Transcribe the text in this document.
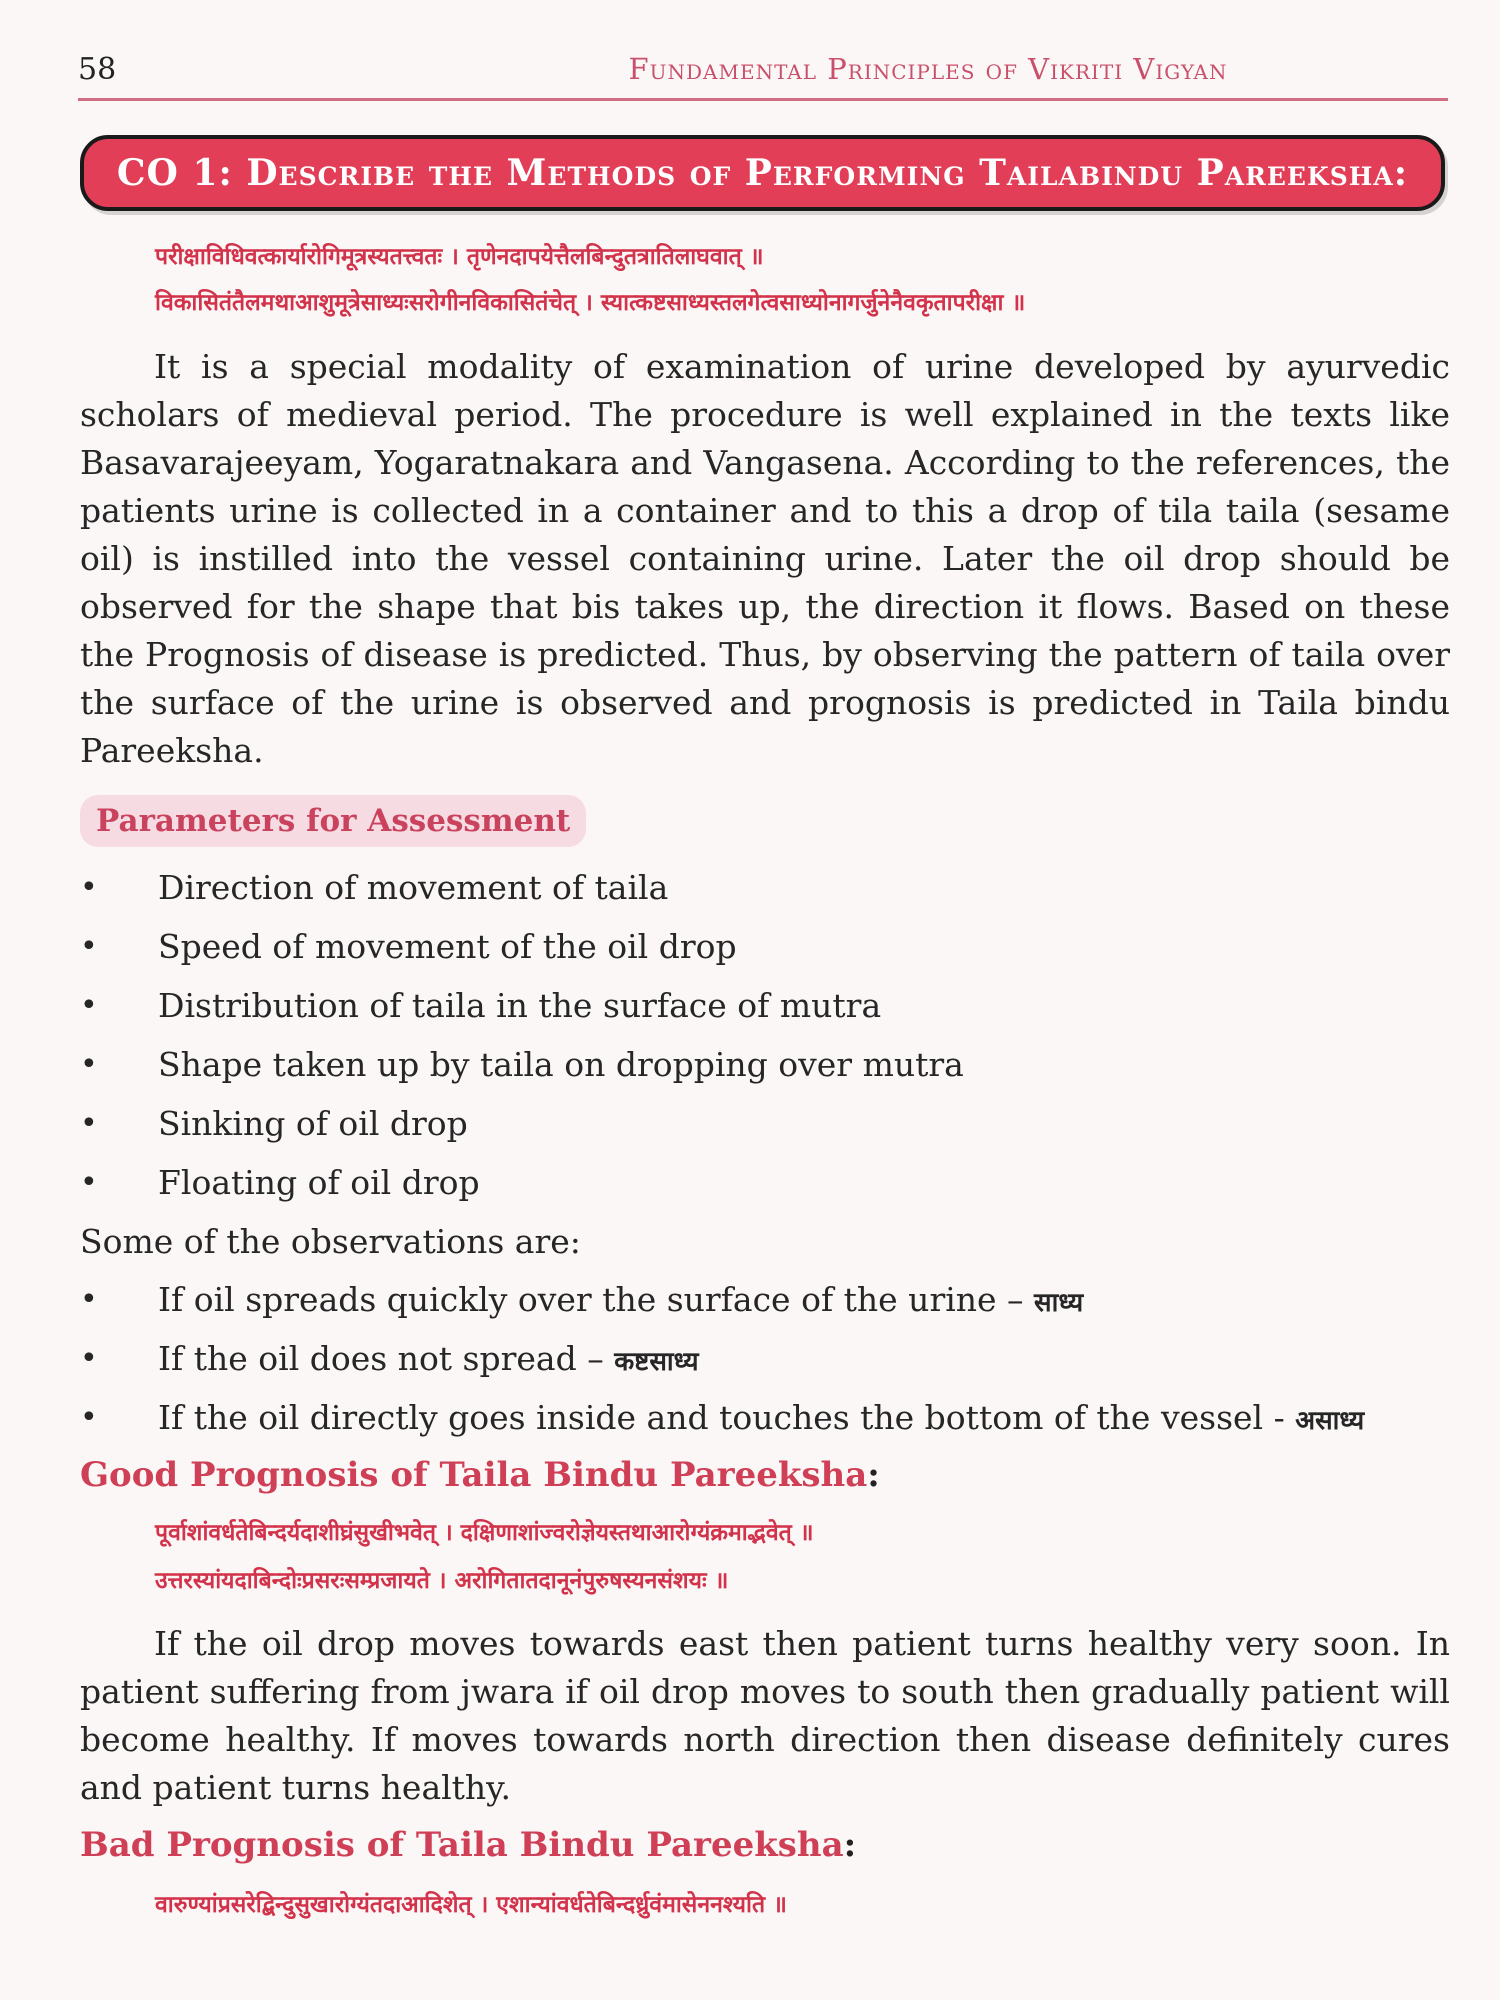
58	Fundamental Principles of Vikriti Vigyan
CO 1: Describe the Methods of Performing Tailabindu Pareeksha:
परीक्षाविधिवत्कार्यारोगिमूत्रस्यतत्त्वतः । तृणेनदापयेत्तैलबिन्दुतत्रातिलाघवात् ॥
विकासितंतैलमथाआशुमूत्रेसाध्यःसरोगीनविकासितंचेत् । स्यात्कष्टसाध्यस्तलगेत्वसाध्योनागर्जुनेनैवकृतापरीक्षा ॥

It is a special modality of examination of urine developed by ayurvedic scholars of medieval period. The procedure is well explained in the texts like Basavarajeeyam, Yogaratnakara and Vangasena. According to the references, the patients urine is collected in a container and to this a drop of tila taila (sesame oil) is instilled into the vessel containing urine. Later the oil drop should be observed for the shape that bis takes up, the direction it flows. Based on these the Prognosis of disease is predicted. Thus, by observing the pattern of taila over the surface of the urine is observed and prognosis is predicted in Taila bindu Pareeksha.

Parameters for Assessment
• Direction of movement of taila
• Speed of movement of the oil drop
• Distribution of taila in the surface of mutra
• Shape taken up by taila on dropping over mutra
• Sinking of oil drop
• Floating of oil drop
Some of the observations are:
• If oil spreads quickly over the surface of the urine – साध्य
• If the oil does not spread – कष्टसाध्य
• If the oil directly goes inside and touches the bottom of the vessel - असाध्य
Good Prognosis of Taila Bindu Pareeksha:
पूर्वाशांवर्धतेबिन्दर्यदाशीघ्रंसुखीभवेत् । दक्षिणाशांज्वरोज्ञेयस्तथाआरोग्यंक्रमाद्भवेत् ॥
उत्तरस्यांयदाबिन्दोःप्रसरःसम्प्रजायते । अरोगितातदानूनंपुरुषस्यनसंशयः ॥

If the oil drop moves towards east then patient turns healthy very soon. In patient suffering from jwara if oil drop moves to south then gradually patient will become healthy. If moves towards north direction then disease definitely cures and patient turns healthy.

Bad Prognosis of Taila Bindu Pareeksha:
वारुण्यांप्रसरेद्बिन्दुसुखारोग्यंतदाआदिशेत् । एशान्यांवर्धतेबिन्दर्ध्रुवंमासेननश्यति ॥
